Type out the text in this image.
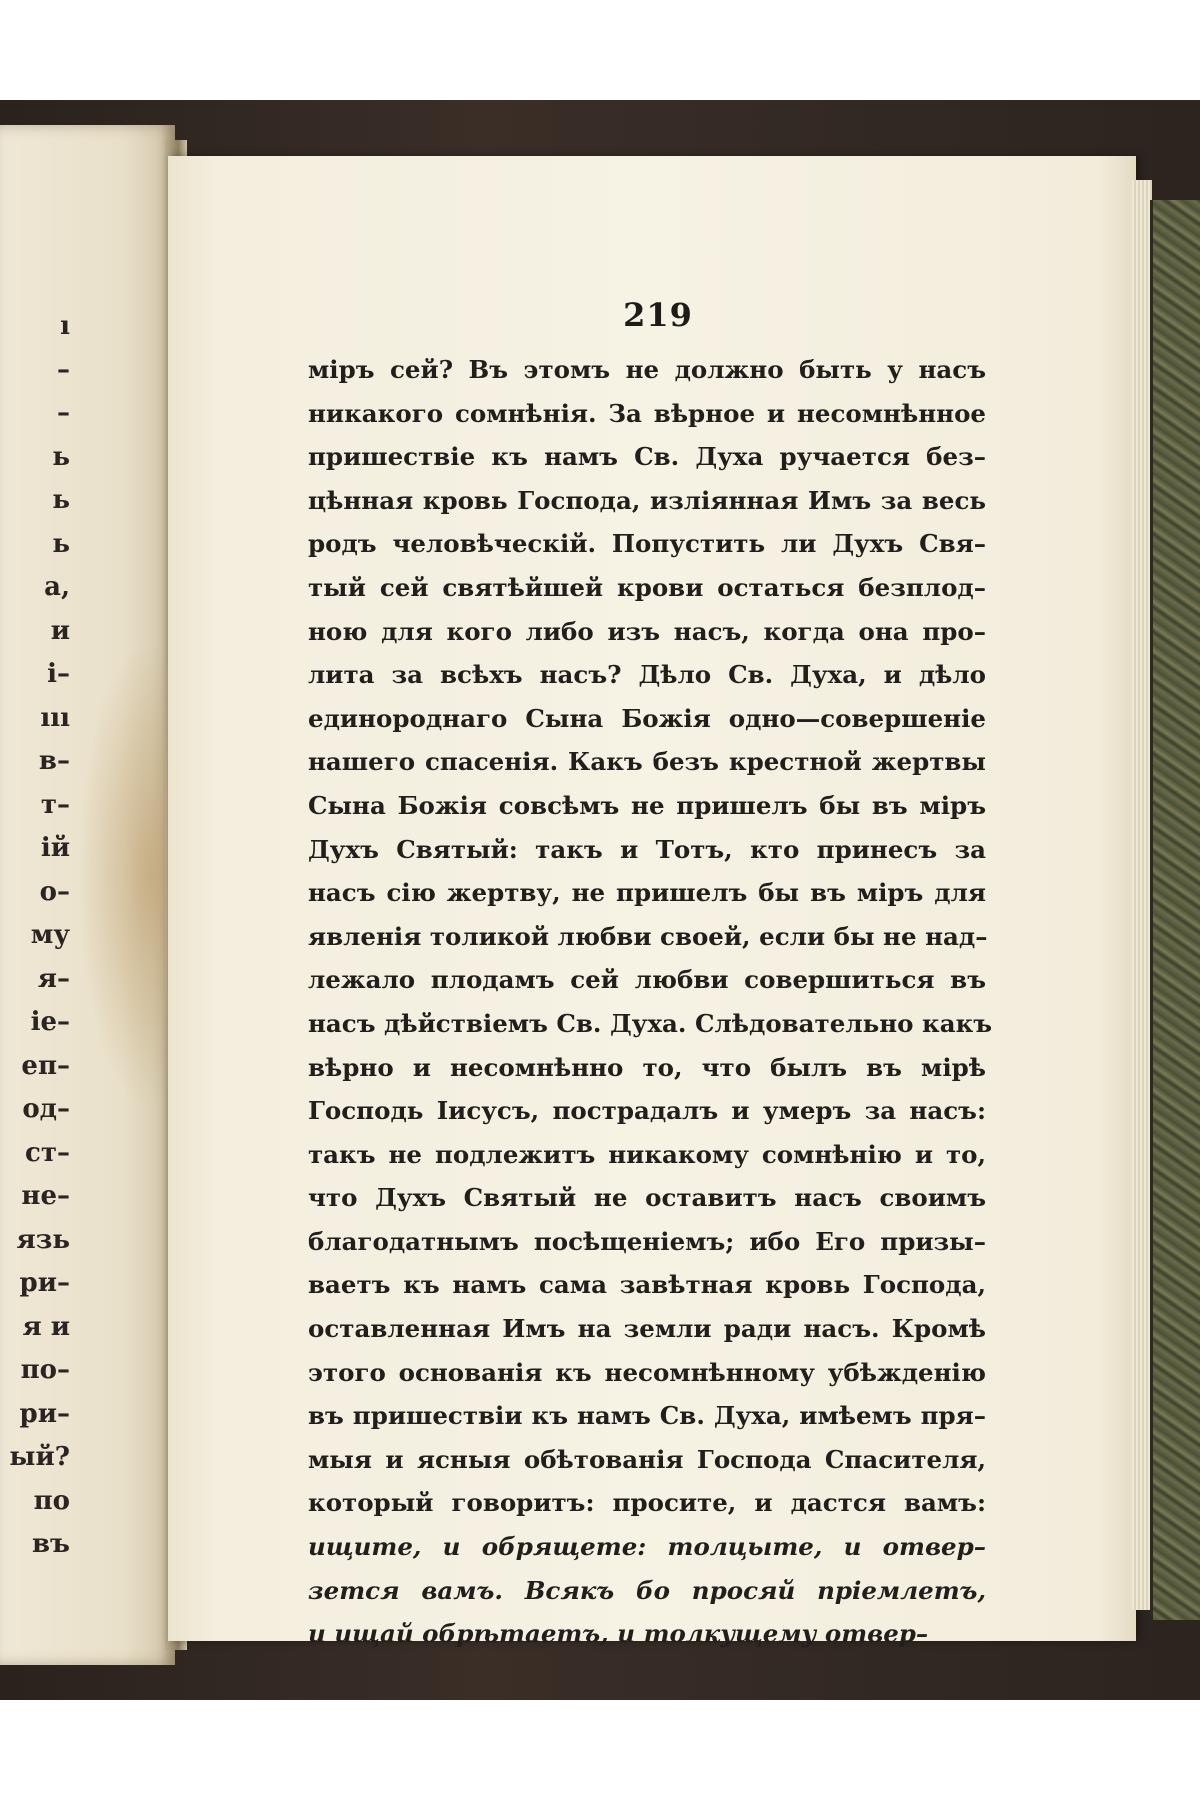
ı
–
–
ь
ь
ь
а,
и
і–
ııı
в–
т–
ій
о–
му
я–
іе–
еп–
од–
ст–
не–
язь
ри–
я и
по–
ри–
ый?
по
въ
219
міръ сей? Въ этомъ не должно быть у насъ
никакого сомнѣнія. За вѣрное и несомнѣнное
пришествіе къ намъ Св. Духа ручается без–
цѣнная кровь Господа, изліянная Имъ за весь
родъ человѣческій. Попустить ли Духъ Свя–
тый сей святѣйшей крови остаться безплод–
ною для кого либо изъ насъ, когда она про–
лита за всѣхъ насъ? Дѣло Св. Духа, и дѣло
единороднаго Сына Божія одно—совершеніе
нашего спасенія. Какъ безъ крестной жертвы
Сына Божія совсѣмъ не пришелъ бы въ міръ
Духъ Святый: такъ и Тотъ, кто принесъ за
насъ сію жертву, не пришелъ бы въ міръ для
явленія толикой любви своей, если бы не над–
лежало плодамъ сей любви совершиться въ
насъ дѣйствіемъ Св. Духа. Слѣдовательно какъ
вѣрно и несомнѣнно то, что былъ въ мірѣ
Господь Іисусъ, пострадалъ и умеръ за насъ:
такъ не подлежитъ никакому сомнѣнію и то,
что Духъ Святый не оставитъ насъ своимъ
благодатнымъ посѣщеніемъ; ибо Его призы–
ваетъ къ намъ сама завѣтная кровь Господа,
оставленная Имъ на земли ради насъ. Кромѣ
этого основанія къ несомнѣнному убѣжденію
въ пришествіи къ намъ Св. Духа, имѣемъ пря–
мыя и ясныя обѣтованія Господа Спасителя,
который говоритъ: просите, и дастся вамъ:
ищите, и обрящете: толцыте, и отвер–
зется вамъ. Всякъ бо просяй пріемлетъ,
и ищай обрѣтаетъ, и толкущему отвер–
